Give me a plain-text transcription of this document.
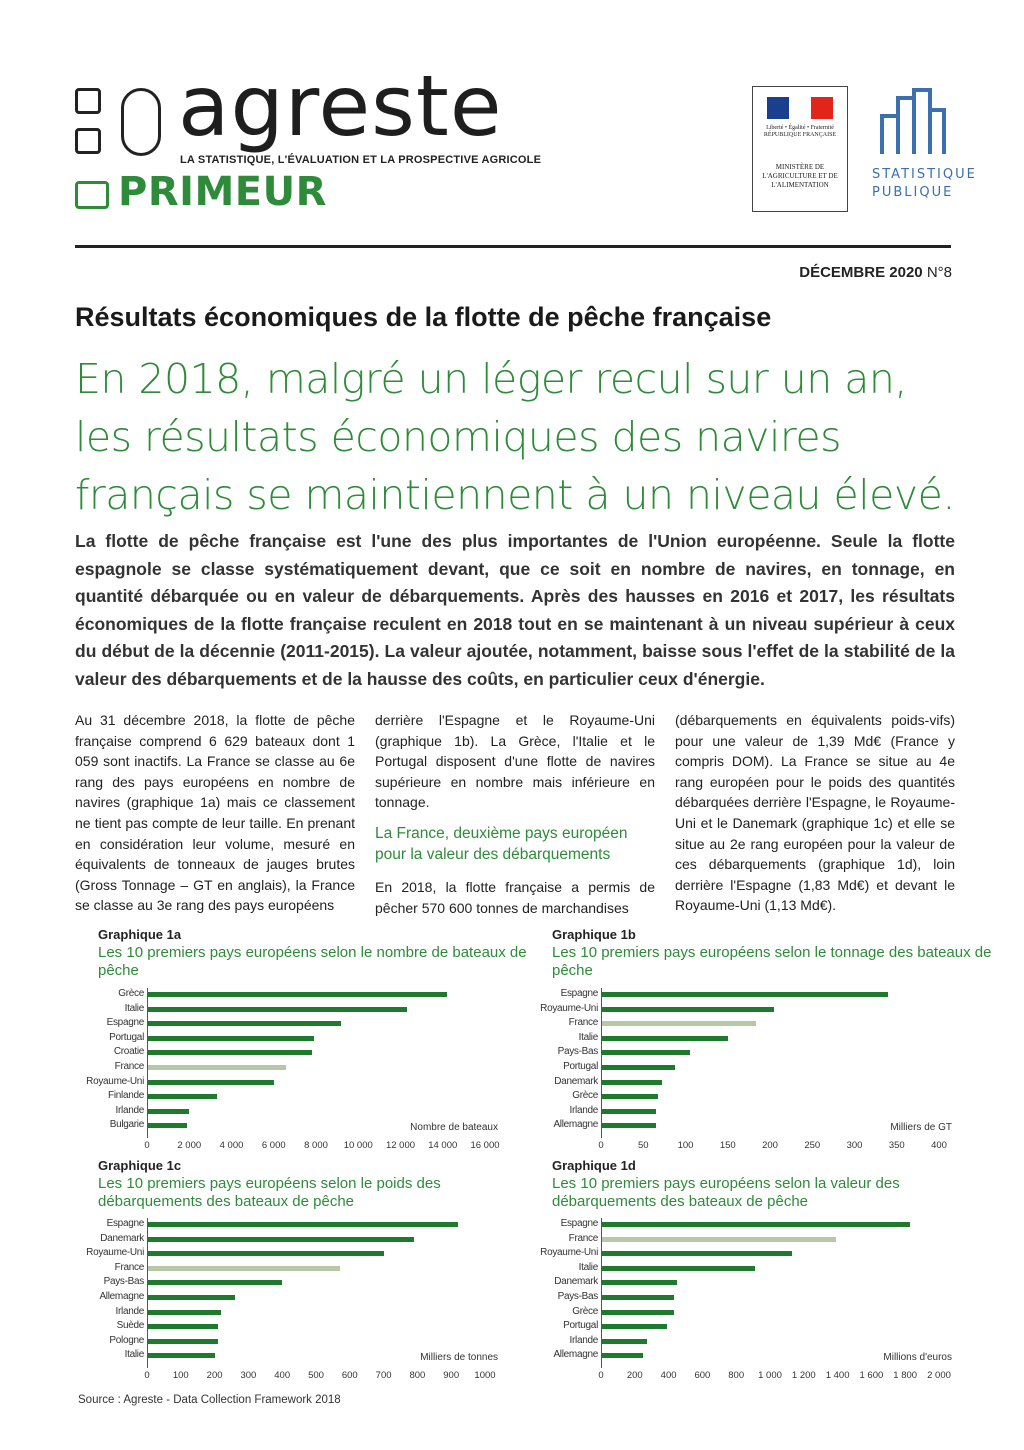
agreste
LA STATISTIQUE, L'ÉVALUATION ET LA PROSPECTIVE AGRICOLE
PRIMEUR
Liberté • Égalité • Fraternité RÉPUBLIQUE FRANÇAISE
MINISTÈRE DE L'AGRICULTURE ET DE L'ALIMENTATION
STATISTIQUE
PUBLIQUE
DÉCEMBRE 2020 N°8
Résultats économiques de la flotte de pêche française
En 2018, malgré un léger recul sur un an, les résultats économiques des navires français se maintiennent à un niveau élevé.
La flotte de pêche française est l'une des plus importantes de l'Union européenne. Seule la flotte espagnole se classe systématiquement devant, que ce soit en nombre de navires, en tonnage, en quantité débarquée ou en valeur de débarquements. Après des hausses en 2016 et 2017, les résultats économiques de la flotte française reculent en 2018 tout en se maintenant à un niveau supérieur à ceux du début de la décennie (2011-2015). La valeur ajoutée, notamment, baisse sous l'effet de la stabilité de la valeur des débarquements et de la hausse des coûts, en particulier ceux d'énergie.

Au 31 décembre 2018, la flotte de pêche française comprend 6 629 bateaux dont 1 059 sont inactifs. La France se classe au 6e rang des pays européens en nombre de navires (graphique 1a) mais ce classement ne tient pas compte de leur taille. En prenant en considération leur volume, mesuré en équivalents de tonneaux de jauges brutes (Gross Tonnage – GT en anglais), la France se classe au 3e rang des pays européens

derrière l'Espagne et le Royaume-Uni (graphique 1b). La Grèce, l'Italie et le Portugal disposent d'une flotte de navires supérieure en nombre mais inférieure en tonnage.

La France, deuxième pays européen pour la valeur des débarquements

En 2018, la flotte française a permis de pêcher 570 600 tonnes de marchandises

(débarquements en équivalents poids-vifs) pour une valeur de 1,39 Md€ (France y compris DOM). La France se situe au 4e rang européen pour le poids des quantités débarquées derrière l'Espagne, le Royaume-Uni et le Danemark (graphique 1c) et elle se situe au 2e rang européen pour la valeur de ces débarquements (graphique 1d), loin derrière l'Espagne (1,83 Md€) et devant le Royaume-Uni (1,13 Md€).

Graphique 1a
Les 10 premiers pays européens selon le nombre de bateaux de pêche
Graphique 1b
Les 10 premiers pays européens selon le tonnage des bateaux de pêche
Graphique 1c
Les 10 premiers pays européens selon le poids des débarquements des bateaux de pêche
Graphique 1d
Les 10 premiers pays européens selon la valeur des débarquements des bateaux de pêche
Grèce
Italie
Espagne
Portugal
Croatie
France
Royaume-Uni
Finlande
Irlande
Bulgarie
0	2 000 4 000 6 000 8 000 10 000 12 000 14 000 16 000
Nombre de bateaux
Espagne
Royaume-Uni
France
Italie
Pays-Bas
Portugal
Danemark
Grèce
Irlande
Allemagne
0	50	100	150	200	250	300	350	400
Milliers de GT
Espagne
Danemark
Royaume-Uni
France
Pays-Bas
Allemagne
Irlande
Suède
Pologne
Italie
0 100 200 300 400 500 600 700 800 900 1000
Milliers de tonnes
Espagne
France
Royaume-Uni
Italie
Danemark
Pays-Bas
Grèce
Portugal
Irlande
Allemagne
0 200 400 600 800 1 000 1 200 1 400 1 600 1 800 2 000
Millions d'euros
Source : Agreste - Data Collection Framework 2018
